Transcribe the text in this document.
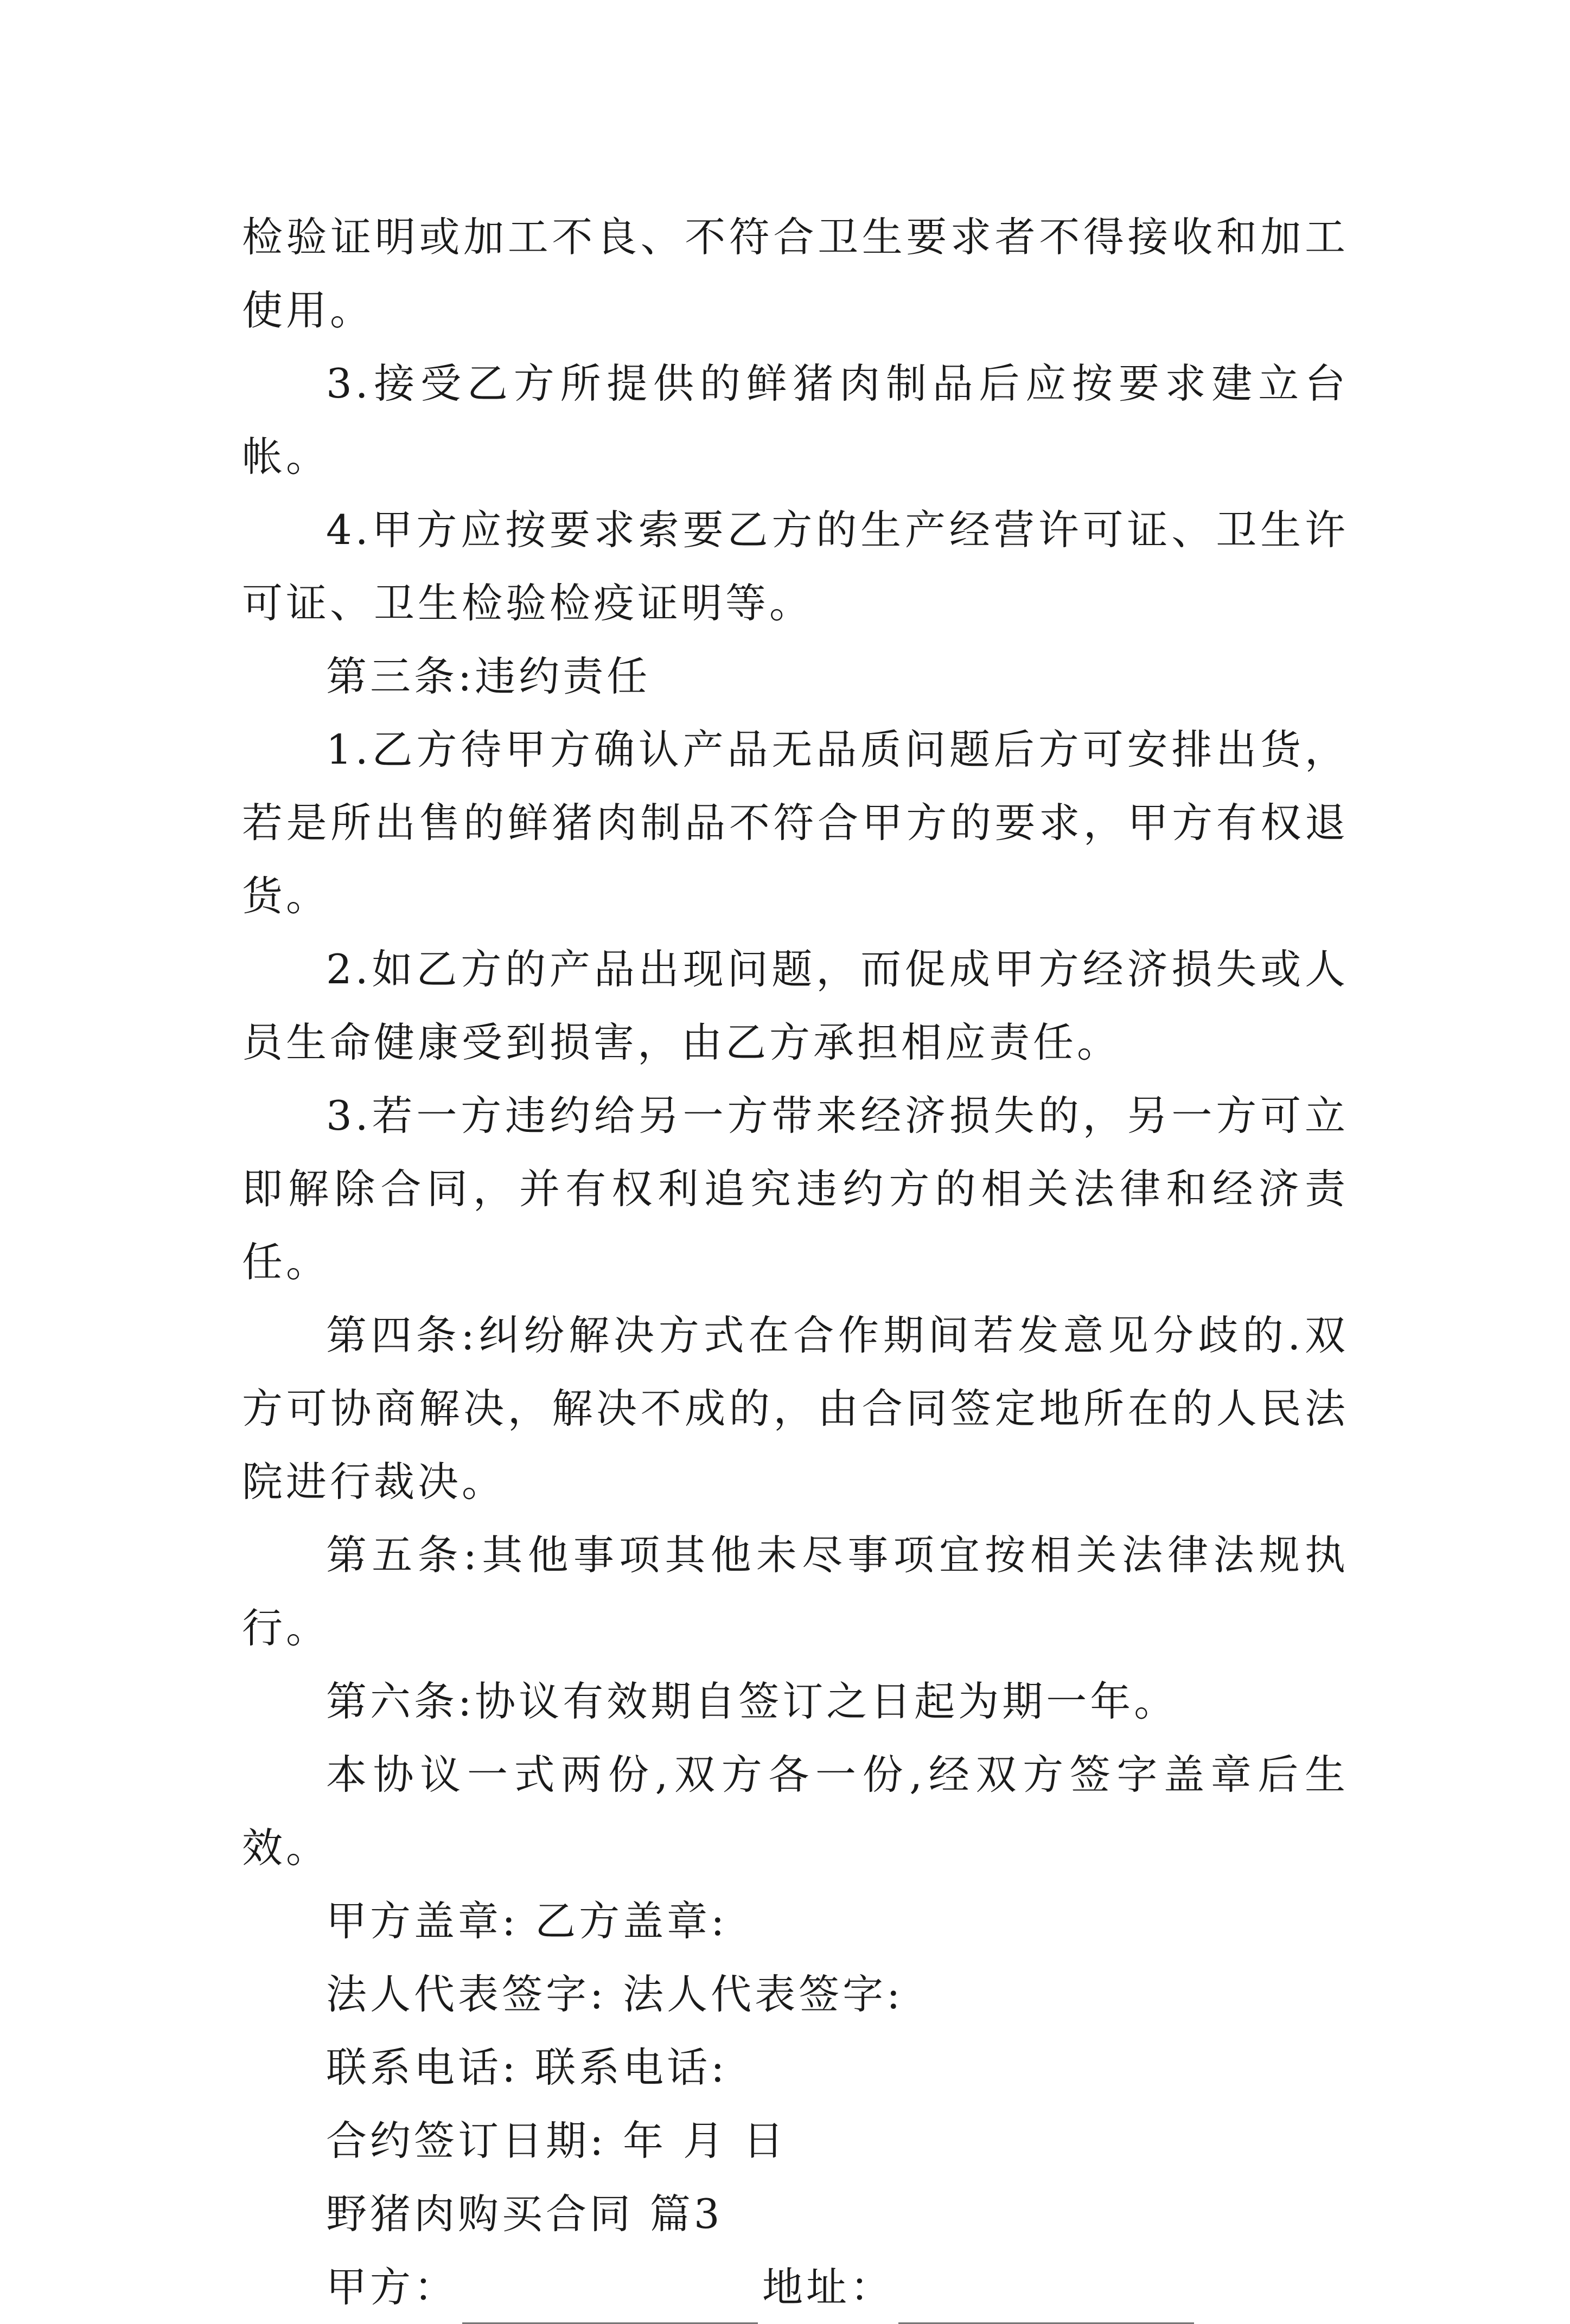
检验证明或加工不良、不符合卫生要求者不得接收和加工使用。

3.接受乙方所提供的鲜猪肉制品后应按要求建立台帐。

4.甲方应按要求索要乙方的生产经营许可证、卫生许可证、卫生检验检疫证明等。

第三条:违约责任

1.乙方待甲方确认产品无品质问题后方可安排出货，若是所出售的鲜猪肉制品不符合甲方的要求，甲方有权退货。

2.如乙方的产品出现问题，而促成甲方经济损失或人员生命健康受到损害，由乙方承担相应责任。

3.若一方违约给另一方带来经济损失的，另一方可立即解除合同，并有权利追究违约方的相关法律和经济责任。

第四条:纠纷解决方式在合作期间若发意见分歧的.双方可协商解决，解决不成的，由合同签定地所在的人民法院进行裁决。

第五条:其他事项其他未尽事项宜按相关法律法规执行。

第六条:协议有效期自签订之日起为期一年。

本协议一式两份,双方各一份,经双方签字盖章后生效。

甲方盖章: 乙方盖章:

法人代表签字: 法人代表签字:

联系电话: 联系电话:

合约签订日期: 年 月 日

野猪肉购买合同 篇3

甲方：	地址：
